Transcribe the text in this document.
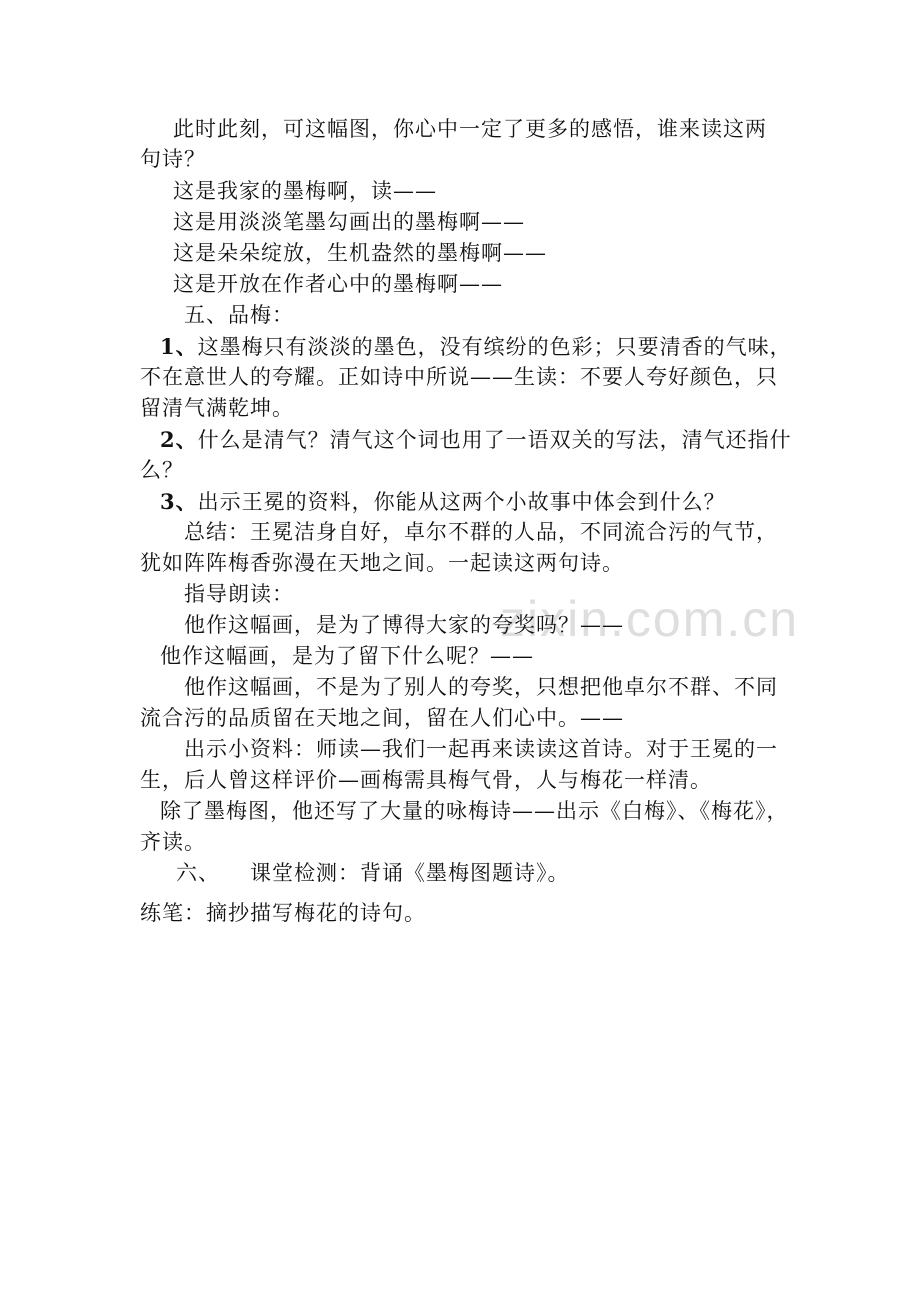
zixin.com.cn
此时此刻，可这幅图，你心中一定了更多的感悟，谁来读这两
句诗？
这是我家的墨梅啊，读——
这是用淡淡笔墨勾画出的墨梅啊——
这是朵朵绽放，生机盎然的墨梅啊——
这是开放在作者心中的墨梅啊——
五、品梅：
1、这墨梅只有淡淡的墨色，没有缤纷的色彩；只要清香的气味，
不在意世人的夸耀。正如诗中所说——生读：不要人夸好颜色，只
留清气满乾坤。
2、什么是清气？清气这个词也用了一语双关的写法，清气还指什
么？
3、出示王冕的资料，你能从这两个小故事中体会到什么？
总结：王冕洁身自好，卓尔不群的人品，不同流合污的气节，
犹如阵阵梅香弥漫在天地之间。一起读这两句诗。
指导朗读：
他作这幅画，是为了博得大家的夸奖吗？——
他作这幅画，是为了留下什么呢？——
他作这幅画，不是为了别人的夸奖，只想把他卓尔不群、不同
流合污的品质留在天地之间，留在人们心中。——
出示小资料：师读—我们一起再来读读这首诗。对于王冕的一
生，后人曾这样评价—画梅需具梅气骨，人与梅花一样清。
除了墨梅图，他还写了大量的咏梅诗——出示《白梅》、《梅花》，
齐读。
六、 课堂检测：背诵《墨梅图题诗》。
练笔：摘抄描写梅花的诗句。
